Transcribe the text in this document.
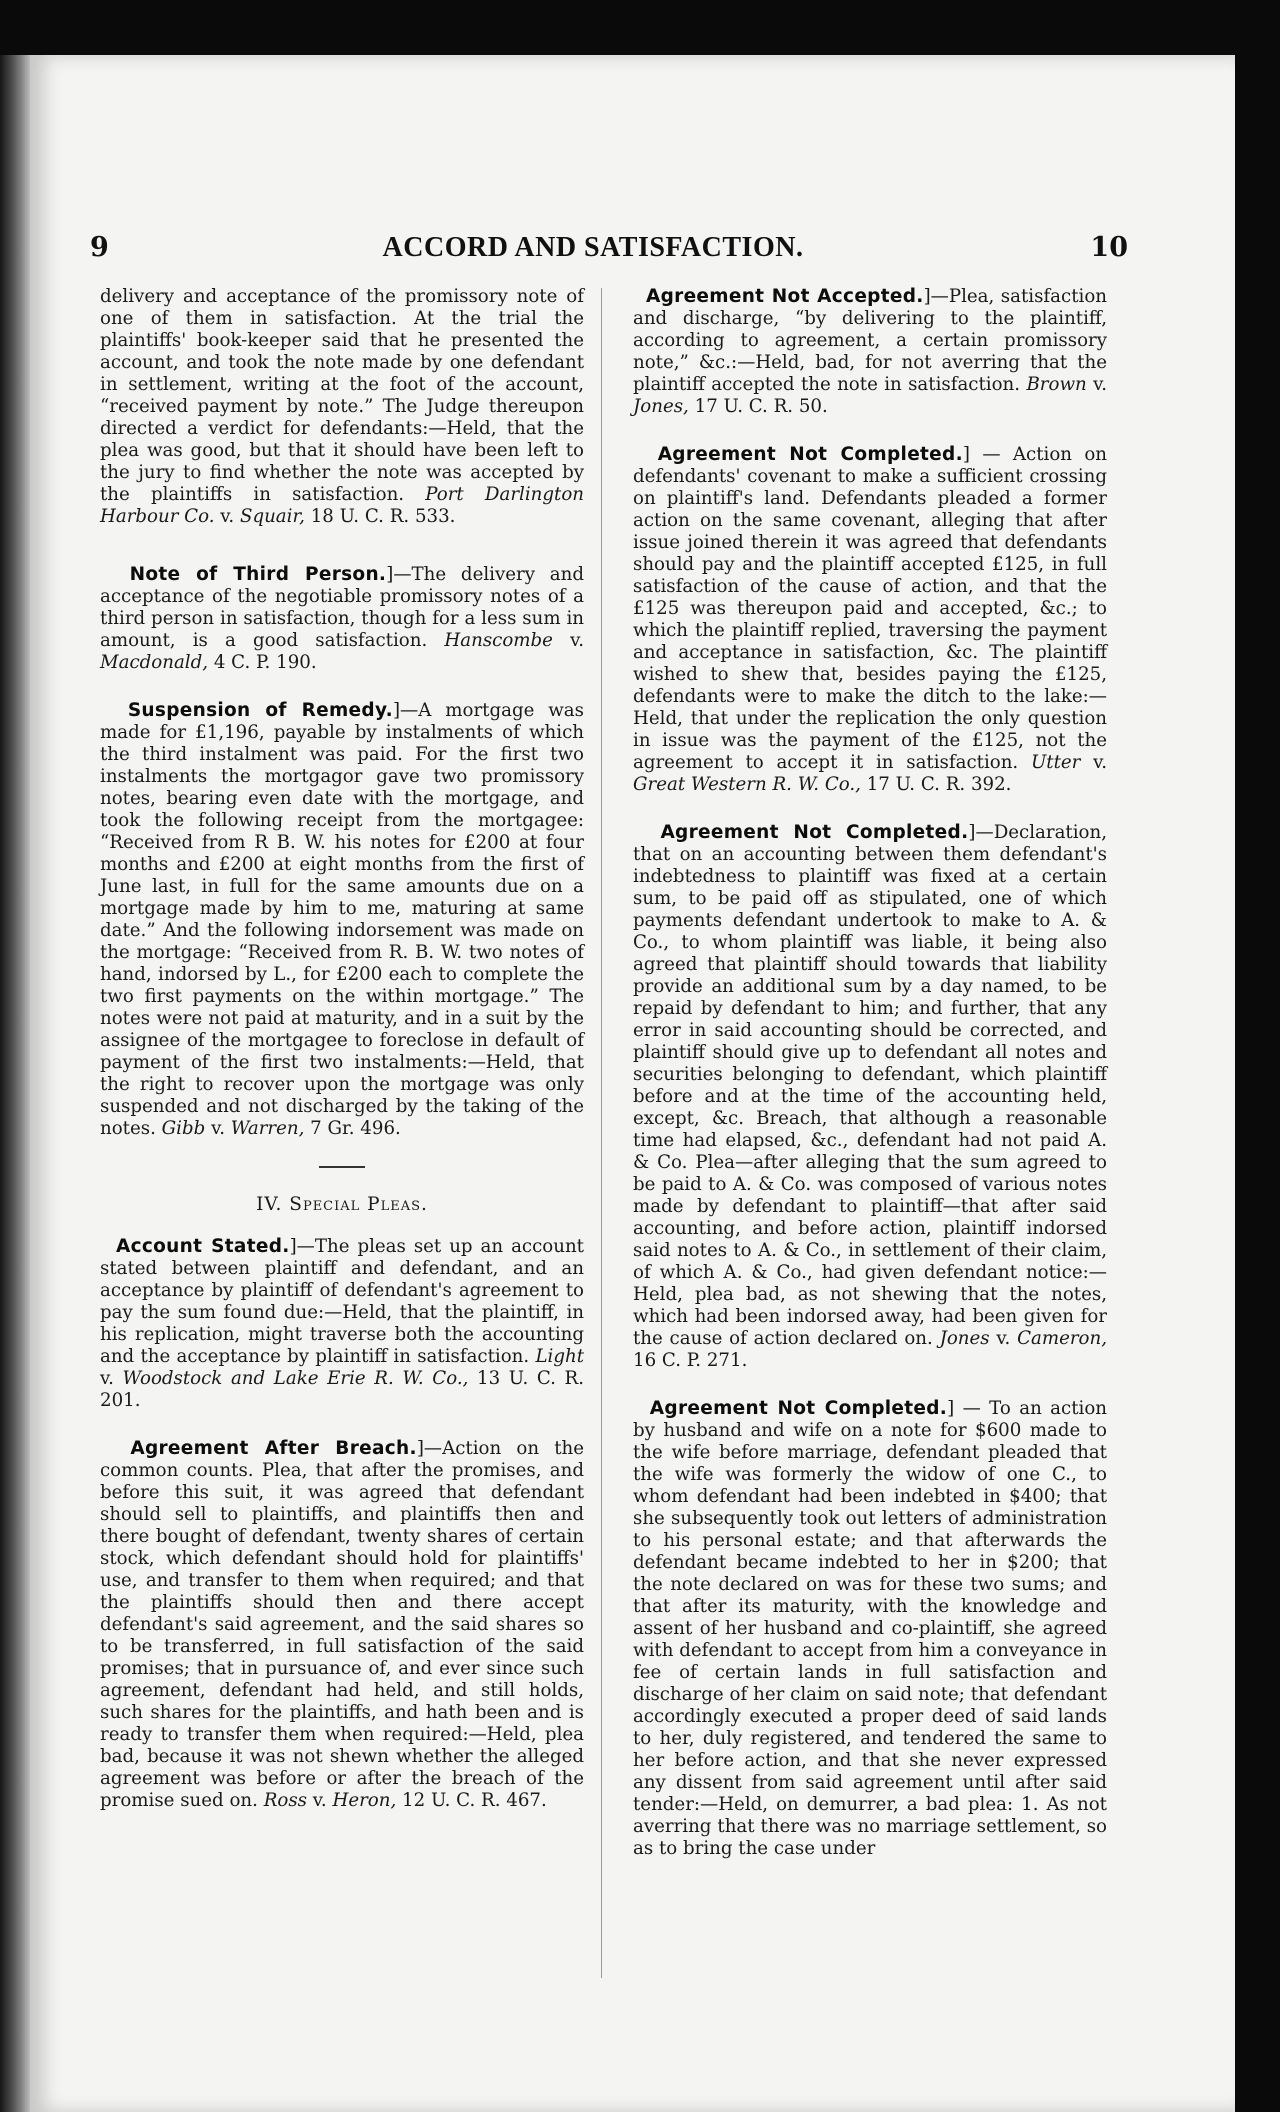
9	ACCORD AND SATISFACTION.	10
delivery and acceptance of the promissory note of one of them in satisfaction. At the trial the plaintiffs' book-keeper said that he presented the account, and took the note made by one defendant in settlement, writing at the foot of the account, “received payment by note.” The Judge thereupon directed a verdict for defendants:—Held, that the plea was good, but that it should have been left to the jury to find whether the note was accepted by the plaintiffs in satisfaction. Port Darlington Harbour Co. v. Squair, 18 U. C. R. 533.
Note of Third Person.]—The delivery and acceptance of the negotiable promissory notes of a third person in satisfaction, though for a less sum in amount, is a good satisfaction. Hanscombe v. Macdonald, 4 C. P. 190.
Suspension of Remedy.]—A mortgage was made for £1,196, payable by instalments of which the third instalment was paid. For the first two instalments the mortgagor gave two promissory notes, bearing even date with the mortgage, and took the following receipt from the mortgagee: “Received from R B. W. his notes for £200 at four months and £200 at eight months from the first of June last, in full for the same amounts due on a mortgage made by him to me, maturing at same date.” And the following indorsement was made on the mortgage: “Received from R. B. W. two notes of hand, indorsed by L., for £200 each to complete the two first payments on the within mortgage.” The notes were not paid at maturity, and in a suit by the assignee of the mortgagee to foreclose in default of payment of the first two instalments:—Held, that the right to recover upon the mortgage was only suspended and not discharged by the taking of the notes. Gibb v. Warren, 7 Gr. 496.
IV. Special Pleas.
Account Stated.]—The pleas set up an account stated between plaintiff and defendant, and an acceptance by plaintiff of defendant's agreement to pay the sum found due:—Held, that the plaintiff, in his replication, might traverse both the accounting and the acceptance by plaintiff in satisfaction. Light v. Woodstock and Lake Erie R. W. Co., 13 U. C. R. 201.
Agreement After Breach.]—Action on the common counts. Plea, that after the promises, and before this suit, it was agreed that defendant should sell to plaintiffs, and plaintiffs then and there bought of defendant, twenty shares of certain stock, which defendant should hold for plaintiffs' use, and transfer to them when required; and that the plaintiffs should then and there accept defendant's said agreement, and the said shares so to be transferred, in full satisfaction of the said promises; that in pursuance of, and ever since such agreement, defendant had held, and still holds, such shares for the plaintiffs, and hath been and is ready to transfer them when required:—Held, plea bad, because it was not shewn whether the alleged agreement was before or after the breach of the promise sued on. Ross v. Heron, 12 U. C. R. 467.
Agreement Not Accepted.]—Plea, satisfaction and discharge, “by delivering to the plaintiff, according to agreement, a certain promissory note,” &c.:—Held, bad, for not averring that the plaintiff accepted the note in satisfaction. Brown v. Jones, 17 U. C. R. 50.
Agreement Not Completed.] — Action on defendants' covenant to make a sufficient crossing on plaintiff's land. Defendants pleaded a former action on the same covenant, alleging that after issue joined therein it was agreed that defendants should pay and the plaintiff accepted £125, in full satisfaction of the cause of action, and that the £125 was thereupon paid and accepted, &c.; to which the plaintiff replied, traversing the payment and acceptance in satisfaction, &c. The plaintiff wished to shew that, besides paying the £125, defendants were to make the ditch to the lake:—Held, that under the replication the only question in issue was the payment of the £125, not the agreement to accept it in satisfaction. Utter v. Great Western R. W. Co., 17 U. C. R. 392.
Agreement Not Completed.]—Declaration, that on an accounting between them defendant's indebtedness to plaintiff was fixed at a certain sum, to be paid off as stipulated, one of which payments defendant undertook to make to A. & Co., to whom plaintiff was liable, it being also agreed that plaintiff should towards that liability provide an additional sum by a day named, to be repaid by defendant to him; and further, that any error in said accounting should be corrected, and plaintiff should give up to defendant all notes and securities belonging to defendant, which plaintiff before and at the time of the accounting held, except, &c. Breach, that although a reasonable time had elapsed, &c., defendant had not paid A. & Co. Plea—after alleging that the sum agreed to be paid to A. & Co. was composed of various notes made by defendant to plaintiff—that after said accounting, and before action, plaintiff indorsed said notes to A. & Co., in settlement of their claim, of which A. & Co., had given defendant notice:—Held, plea bad, as not shewing that the notes, which had been indorsed away, had been given for the cause of action declared on. Jones v. Cameron, 16 C. P. 271.
Agreement Not Completed.] — To an action by husband and wife on a note for $600 made to the wife before marriage, defendant pleaded that the wife was formerly the widow of one C., to whom defendant had been indebted in $400; that she subsequently took out letters of administration to his personal estate; and that afterwards the defendant became indebted to her in $200; that the note declared on was for these two sums; and that after its maturity, with the knowledge and assent of her husband and co-plaintiff, she agreed with defendant to accept from him a conveyance in fee of certain lands in full satisfaction and discharge of her claim on said note; that defendant accordingly executed a proper deed of said lands to her, duly registered, and tendered the same to her before action, and that she never expressed any dissent from said agreement until after said tender:—Held, on demurrer, a bad plea: 1. As not averring that there was no marriage settlement, so as to bring the case under
